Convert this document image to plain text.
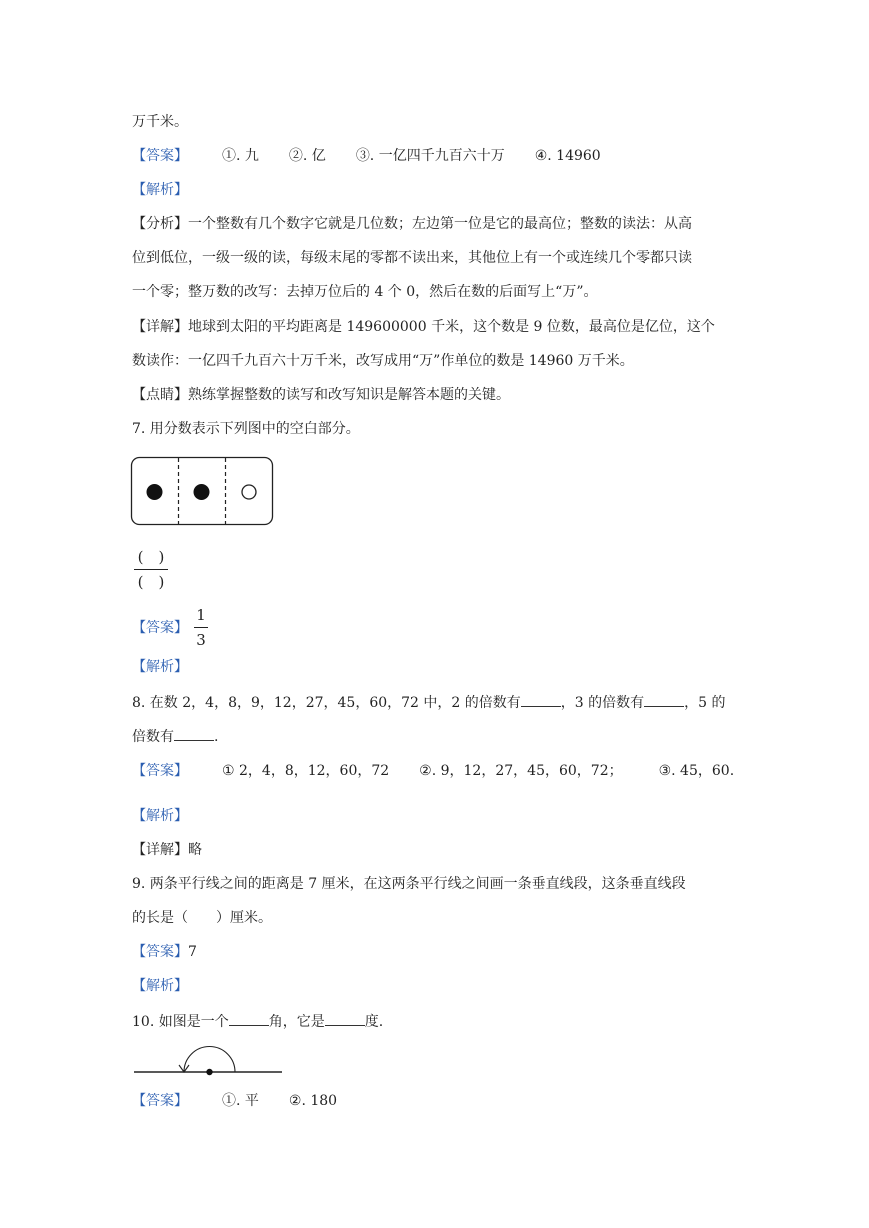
万千米。
【答案】 ①. 九 ②. 亿 ③. 一亿四千九百六十万 ④. 14960
【解析】
【分析】一个整数有几个数字它就是几位数；左边第一位是它的最高位；整数的读法：从高
位到低位，一级一级的读，每级末尾的零都不读出来，其他位上有一个或连续几个零都只读
一个零；整万数的改写：去掉万位后的 4 个 0，然后在数的后面写上“万”。
【详解】地球到太阳的平均距离是 149600000 千米，这个数是 9 位数，最高位是亿位，这个
数读作：一亿四千九百六十万千米，改写成用“万”作单位的数是 14960 万千米。
【点睛】熟练掌握整数的读写和改写知识是解答本题的关键。
7. 用分数表示下列图中的空白部分。
(　)
(　)
【答案】
1
3
【解析】
8. 在数 2，4，8，9，12，27，45，60，72 中，2 的倍数有	，3 的倍数有	，5 的
倍数有	.
【答案】 ① 2，4，8，12，60，72 ②. 9，12，27，45，60，72；	③. 45，60.
【解析】
【详解】略
9. 两条平行线之间的距离是 7 厘米，在这两条平行线之间画一条垂直线段，这条垂直线段
的长是（　　）厘米。
【答案】7
【解析】
10. 如图是一个	角，它是	度.
【答案】 ①. 平 ②. 180
